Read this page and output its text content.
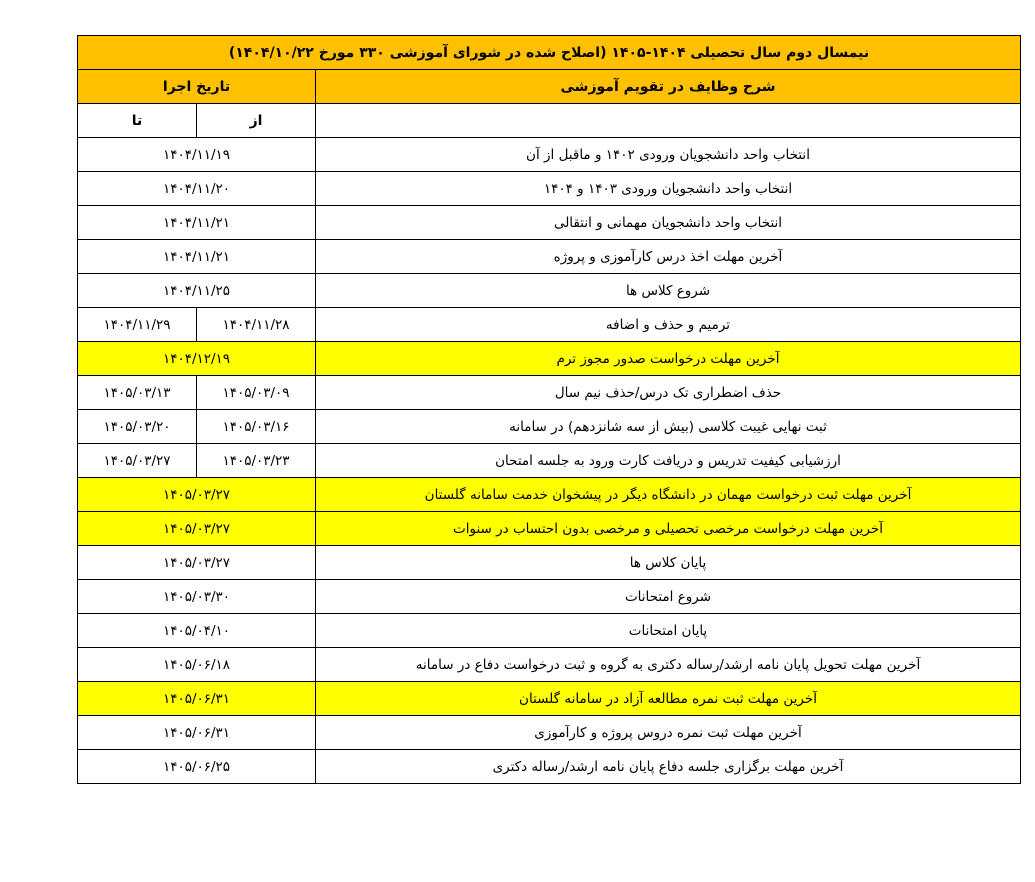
نیمسال دوم سال تحصیلی ۱۴۰۴-۱۴۰۵ (اصلاح شده در شورای آموزشی ۳۳۰ مورخ ۱۴۰۴/۱۰/۲۲)		
شرح وظایف در تقویم آموزشی	تاریخ اجرا	
	از	تا
انتخاب واحد دانشجویان ورودی ۱۴۰۲ و ماقبل از آن	۱۴۰۴/۱۱/۱۹	
انتخاب واحد دانشجویان ورودی ۱۴۰۳ و ۱۴۰۴	۱۴۰۴/۱۱/۲۰	
انتخاب واحد دانشجویان مهمانی و انتقالی	۱۴۰۴/۱۱/۲۱	
آخرین مهلت اخذ درس کارآموزی و پروژه	۱۴۰۴/۱۱/۲۱	
شروع کلاس ها	۱۴۰۴/۱۱/۲۵	
ترمیم و حذف و اضافه	۱۴۰۴/۱۱/۲۸	۱۴۰۴/۱۱/۲۹
آخرین مهلت درخواست صدور مجوز ترم	۱۴۰۴/۱۲/۱۹	
حذف اضطراری تک درس/حذف نیم سال	۱۴۰۵/۰۳/۰۹	۱۴۰۵/۰۳/۱۳
ثبت نهایی غیبت کلاسی (بیش از سه شانزدهم) در سامانه	۱۴۰۵/۰۳/۱۶	۱۴۰۵/۰۳/۲۰
ارزشیابی کیفیت تدریس و دریافت کارت ورود به جلسه امتحان	۱۴۰۵/۰۳/۲۳	۱۴۰۵/۰۳/۲۷
آخرین مهلت ثبت درخواست مهمان در دانشگاه دیگر در پیشخوان خدمت سامانه گلستان	۱۴۰۵/۰۳/۲۷	
آخرین مهلت درخواست مرخصی تحصیلی و مرخصی بدون احتساب در سنوات	۱۴۰۵/۰۳/۲۷	
پایان کلاس ها	۱۴۰۵/۰۳/۲۷	
شروع امتحانات	۱۴۰۵/۰۳/۳۰	
پایان امتحانات	۱۴۰۵/۰۴/۱۰	
آخرین مهلت تحویل پایان نامه ارشد/رساله دکتری به گروه و ثبت درخواست دفاع در سامانه	۱۴۰۵/۰۶/۱۸	
آخرین مهلت ثبت نمره مطالعه آزاد در سامانه گلستان	۱۴۰۵/۰۶/۳۱	
آخرین مهلت ثبت نمره دروس پروژه و کارآموزی	۱۴۰۵/۰۶/۳۱	
آخرین مهلت برگزاری جلسه دفاع پایان نامه ارشد/رساله دکتری	۱۴۰۵/۰۶/۲۵	
